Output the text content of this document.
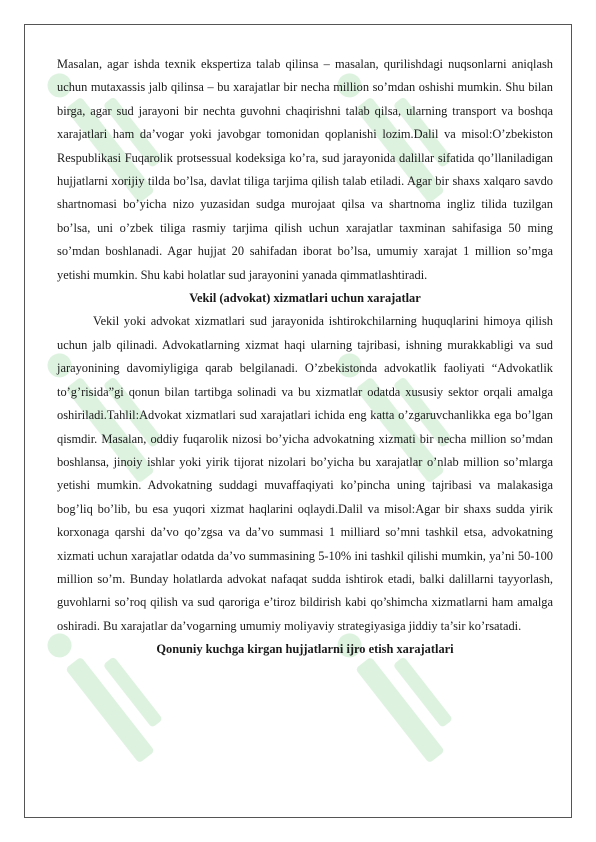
Masalan, agar ishda texnik ekspertiza talab qilinsa – masalan, qurilishdagi nuqsonlarni aniqlash uchun mutaxassis jalb qilinsa – bu xarajatlar bir necha million so’mdan oshishi mumkin. Shu bilan birga, agar sud jarayoni bir nechta guvohni chaqirishni talab qilsa, ularning transport va boshqa xarajatlari ham da’vogar yoki javobgar tomonidan qoplanishi lozim.Dalil va misol:O’zbekiston Respublikasi Fuqarolik protsessual kodeksiga ko’ra, sud jarayonida dalillar sifatida qo’llaniladigan hujjatlarni xorijiy tilda bo’lsa, davlat tiliga tarjima qilish talab etiladi. Agar bir shaxs xalqaro savdo shartnomasi bo’yicha nizo yuzasidan sudga murojaat qilsa va shartnoma ingliz tilida tuzilgan bo’lsa, uni o’zbek tiliga rasmiy tarjima qilish uchun xarajatlar taxminan sahifasiga 50 ming so’mdan boshlanadi. Agar hujjat 20 sahifadan iborat bo’lsa, umumiy xarajat 1 million so’mga yetishi mumkin. Shu kabi holatlar sud jarayonini yanada qimmatlashtiradi.

Vekil (advokat) xizmatlari uchun xarajatlar

Vekil yoki advokat xizmatlari sud jarayonida ishtirokchilarning huquqlarini himoya qilish uchun jalb qilinadi. Advokatlarning xizmat haqi ularning tajribasi, ishning murakkabligi va sud jarayonining davomiyligiga qarab belgilanadi. O’zbekistonda advokatlik faoliyati “Advokatlik to’g’risida”gi qonun bilan tartibga solinadi va bu xizmatlar odatda xususiy sektor orqali amalga oshiriladi.Tahlil:Advokat xizmatlari sud xarajatlari ichida eng katta o’zgaruvchanlikka ega bo’lgan qismdir. Masalan, oddiy fuqarolik nizosi bo’yicha advokatning xizmati bir necha million so’mdan boshlansa, jinoiy ishlar yoki yirik tijorat nizolari bo’yicha bu xarajatlar o’nlab million so’mlarga yetishi mumkin. Advokatning suddagi muvaffaqiyati ko’pincha uning tajribasi va malakasiga bog’liq bo’lib, bu esa yuqori xizmat haqlarini oqlaydi.Dalil va misol:Agar bir shaxs sudda yirik korxonaga qarshi da’vo qo’zgsa va da’vo summasi 1 milliard so’mni tashkil etsa, advokatning xizmati uchun xarajatlar odatda da’vo summasining 5-10% ini tashkil qilishi mumkin, ya’ni 50-100 million so’m. Bunday holatlarda advokat nafaqat sudda ishtirok etadi, balki dalillarni tayyorlash, guvohlarni so’roq qilish va sud qaroriga e’tiroz bildirish kabi qo’shimcha xizmatlarni ham amalga oshiradi. Bu xarajatlar da’vogarning umumiy moliyaviy strategiyasiga jiddiy ta’sir ko’rsatadi.

Qonuniy kuchga kirgan hujjatlarni ijro etish xarajatlari
